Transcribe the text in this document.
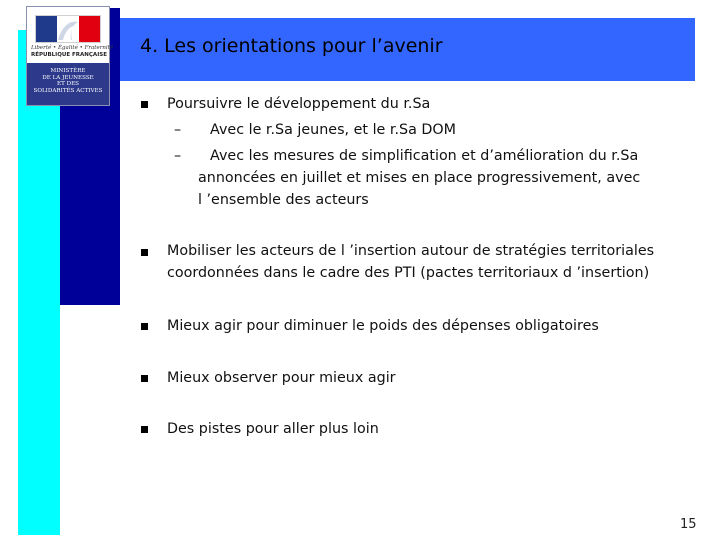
Liberté • Égalité • Fraternité
RÉPUBLIQUE FRANÇAISE
MINISTÈRE
DE LA JEUNESSE
ET DES
SOLIDARITÉS ACTIVES
4. Les orientations pour l’avenir
Poursuivre le développement du r.Sa
– Avec le r.Sa jeunes, et le r.Sa DOM
– Avec les mesures de simplification et d’amélioration du r.Sa
annoncées en juillet et mises en place progressivement, avec
l ’ensemble des acteurs
Mobiliser les acteurs de l ’insertion autour de stratégies territoriales
coordonnées dans le cadre des PTI (pactes territoriaux d ’insertion)
Mieux agir pour diminuer le poids des dépenses obligatoires
Mieux observer pour mieux agir
Des pistes pour aller plus loin
15
